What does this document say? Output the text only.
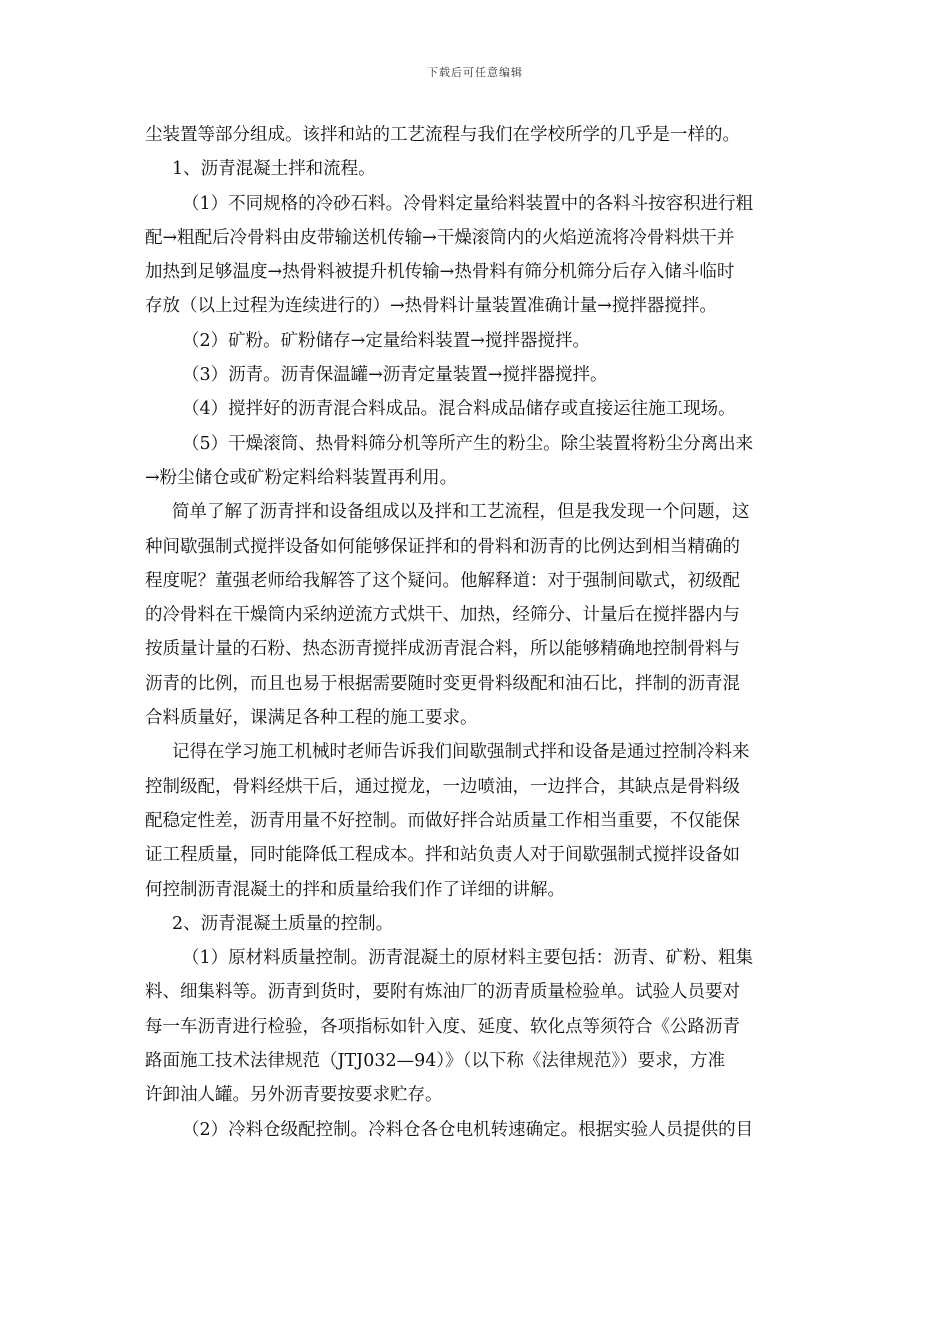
下载后可任意编辑
尘装置等部分组成。该拌和站的工艺流程与我们在学校所学的几乎是一样的。
1、沥青混凝土拌和流程。
（1）不同规格的冷砂石料。冷骨料定量给料装置中的各料斗按容积进行粗
配→粗配后冷骨料由皮带输送机传输→干燥滚筒内的火焰逆流将冷骨料烘干并
加热到足够温度→热骨料被提升机传输→热骨料有筛分机筛分后存入储斗临时
存放（以上过程为连续进行的）→热骨料计量装置准确计量→搅拌器搅拌。
（2）矿粉。矿粉储存→定量给料装置→搅拌器搅拌。
（3）沥青。沥青保温罐→沥青定量装置→搅拌器搅拌。
（4）搅拌好的沥青混合料成品。混合料成品储存或直接运往施工现场。
（5）干燥滚筒、热骨料筛分机等所产生的粉尘。除尘装置将粉尘分离出来
→粉尘储仓或矿粉定料给料装置再利用。
简单了解了沥青拌和设备组成以及拌和工艺流程，但是我发现一个问题，这
种间歇强制式搅拌设备如何能够保证拌和的骨料和沥青的比例达到相当精确的
程度呢？董强老师给我解答了这个疑问。他解释道：对于强制间歇式，初级配
的冷骨料在干燥筒内采纳逆流方式烘干、加热，经筛分、计量后在搅拌器内与
按质量计量的石粉、热态沥青搅拌成沥青混合料，所以能够精确地控制骨料与
沥青的比例，而且也易于根据需要随时变更骨料级配和油石比，拌制的沥青混
合料质量好，课满足各种工程的施工要求。
记得在学习施工机械时老师告诉我们间歇强制式拌和设备是通过控制冷料来
控制级配，骨料经烘干后，通过搅龙，一边喷油，一边拌合，其缺点是骨料级
配稳定性差，沥青用量不好控制。而做好拌合站质量工作相当重要，不仅能保
证工程质量，同时能降低工程成本。拌和站负责人对于间歇强制式搅拌设备如
何控制沥青混凝土的拌和质量给我们作了详细的讲解。
2、沥青混凝土质量的控制。
（1）原材料质量控制。沥青混凝土的原材料主要包括：沥青、矿粉、粗集
料、细集料等。沥青到货时，要附有炼油厂的沥青质量检验单。试验人员要对
每一车沥青进行检验，各项指标如针入度、延度、软化点等须符合《公路沥青
路面施工技术法律规范（JTJ032—94）》（以下称《法律规范》）要求，方准
许卸油人罐。另外沥青要按要求贮存。
（2）冷料仓级配控制。冷料仓各仓电机转速确定。根据实验人员提供的目
